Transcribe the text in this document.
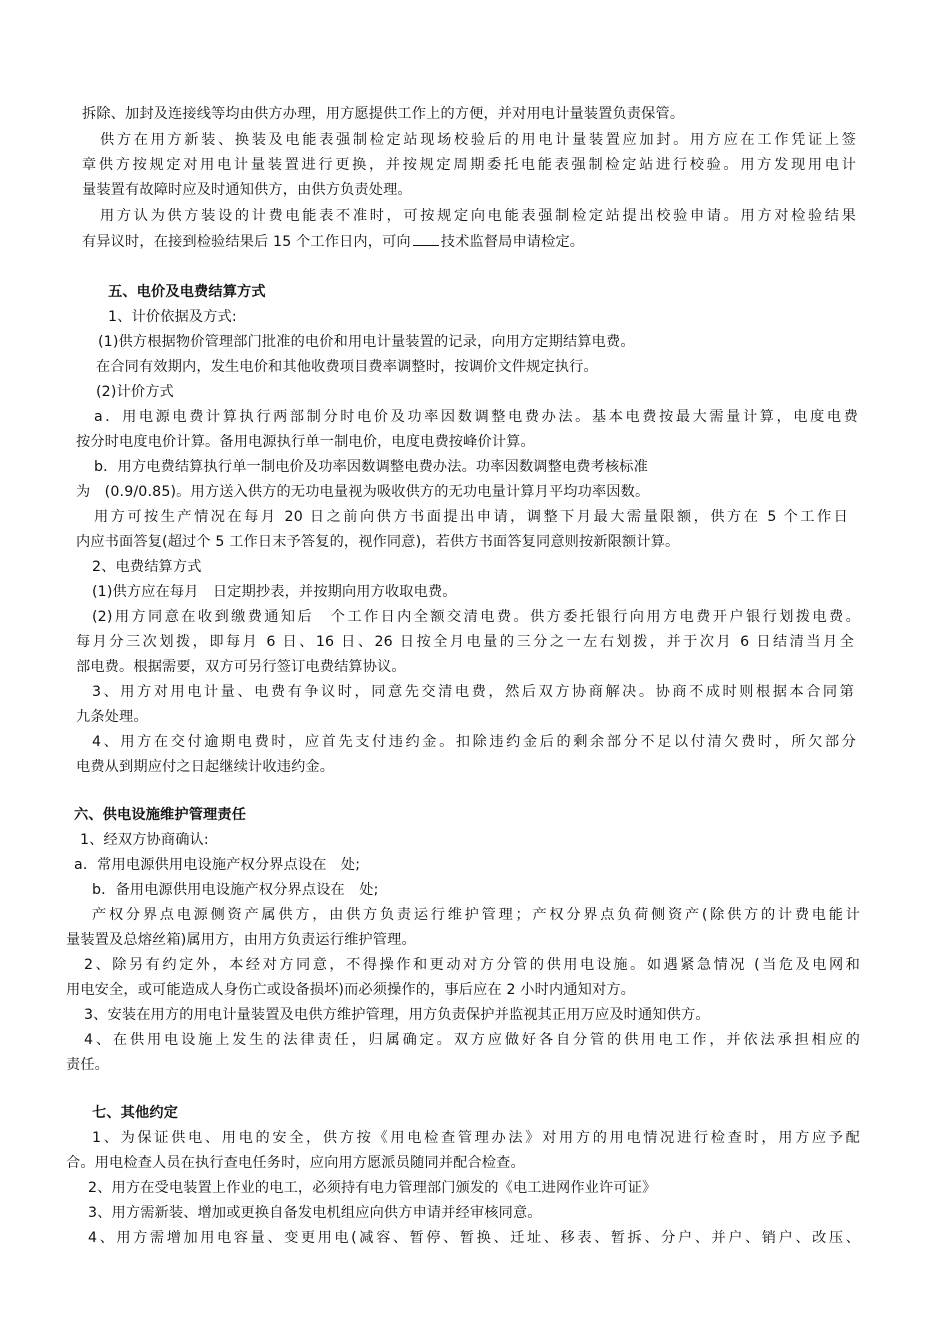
拆除、加封及连接线等均由供方办理，用方愿提供工作上的方便，并对用电计量装置负责保管。
供方在用方新装、换装及电能表强制检定站现场校验后的用电计量装置应加封。用方应在工作凭证上签
章供方按规定对用电计量装置进行更换，并按规定周期委托电能表强制检定站进行校验。用方发现用电计
量装置有故障时应及时通知供方，由供方负责处理。
用方认为供方装设的计费电能表不准时，可按规定向电能表强制检定站提出校验申请。用方对检验结果
有异议时，在接到检验结果后 15 个工作日内，可向 技术监督局申请检定。
五、电价及电费结算方式
1、计价依据及方式:
(1)供方根据物价管理部门批准的电价和用电计量装置的记录，向用方定期结算电费。
在合同有效期内，发生电价和其他收费项目费率调整时，按调价文件规定执行。
(2)计价方式
a．用电源电费计算执行两部制分时电价及功率因数调整电费办法。基本电费按最大需量计算，电度电费
按分时电度电价计算。备用电源执行单一制电价，电度电费按峰价计算。
b．用方电费结算执行单一制电价及功率因数调整电费办法。功率因数调整电费考核标准
为　(0.9/0.85)。用方送入供方的无功电量视为吸收供方的无功电量计算月平均功率因数。
用方可按生产情况在每月 20 日之前向供方书面提出申请，调整下月最大需量限额，供方在 5 个工作日
内应书面答复(超过个 5 工作日末予答复的，视作同意)，若供方书面答复同意则按新限额计算。
2、电费结算方式
(1)供方应在每月　日定期抄表，并按期向用方收取电费。
(2)用方同意在收到缴费通知后　个工作日内全额交清电费。供方委托银行向用方电费开户银行划拨电费。
每月分三次划拨，即每月 6 日、16 日、26 日按全月电量的三分之一左右划拨，并于次月 6 日结清当月全
部电费。根据需要，双方可另行签订电费结算协议。
3、用方对用电计量、电费有争议时，同意先交清电费，然后双方协商解决。协商不成时则根据本合同第
九条处理。
4、用方在交付逾期电费时，应首先支付违约金。扣除违约金后的剩余部分不足以付清欠费时，所欠部分
电费从到期应付之日起继续计收违约金。
六、供电设施维护管理责任
1、经双方协商确认:
a．常用电源供用电设施产权分界点设在　处;
b．备用电源供用电设施产权分界点设在　处;
产权分界点电源侧资产属供方，由供方负责运行维护管理；产权分界点负荷侧资产(除供方的计费电能计
量装置及总熔丝箱)属用方，由用方负责运行维护管理。
2、除另有约定外，本经对方同意，不得操作和更动对方分管的供用电设施。如遇紧急情况 (当危及电网和
用电安全，或可能造成人身伤亡或设备损坏)而必须操作的，事后应在 2 小时内通知对方。
3、安装在用方的用电计量装置及电供方维护管理，用方负责保护并监视其正用万应及时通知供方。
4、在供用电设施上发生的法律责任，归属确定。双方应做好各自分管的供用电工作，并依法承担相应的
责任。
七、其他约定
1、为保证供电、用电的安全，供方按《用电检查管理办法》对用方的用电情况进行检查时，用方应予配
合。用电检查人员在执行查电任务时，应向用方愿派员随同并配合检查。
2、用方在受电装置上作业的电工，必须持有电力管理部门颁发的《电工进网作业许可证》
3、用方需新装、增加或更换自备发电机组应向供方申请并经审核同意。
4、用方需增加用电容量、变更用电(减容、暂停、暂换、迁址、移表、暂拆、分户、并户、销户、改压、
